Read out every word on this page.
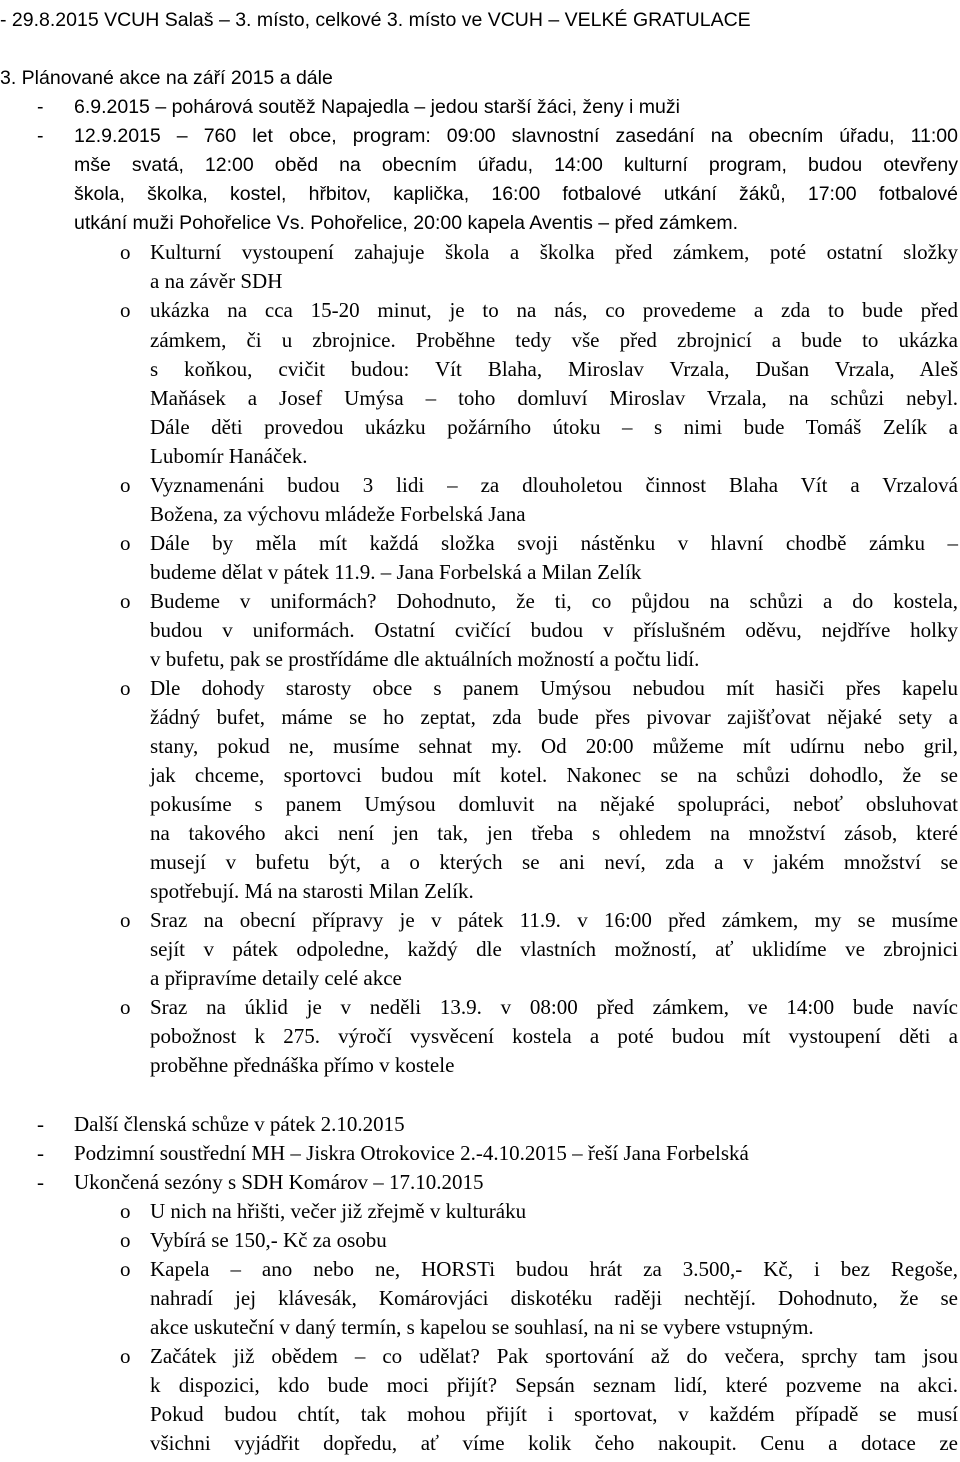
- 29.8.2015 VCUH Salaš – 3. místo, celkové 3. místo ve VCUH – VELKÉ GRATULACE
3. Plánované akce na září 2015 a dále
- 6.9.2015 – pohárová soutěž Napajedla – jedou starší žáci, ženy i muži
- 12.9.2015 – 760 let obce, program: 09:00 slavnostní zasedání na obecním úřadu, 11:00
mše svatá, 12:00 oběd na obecním úřadu, 14:00 kulturní program, budou otevřeny
škola, školka, kostel, hřbitov, kaplička, 16:00 fotbalové utkání žáků, 17:00 fotbalové
utkání muži Pohořelice Vs. Pohořelice, 20:00 kapela Aventis – před zámkem.
o Kulturní vystoupení zahajuje škola a školka před zámkem, poté ostatní složky
a na závěr SDH
o ukázka na cca 15-20 minut, je to na nás, co provedeme a zda to bude před
zámkem, či u zbrojnice. Proběhne tedy vše před zbrojnicí a bude to ukázka
s koňkou, cvičit budou: Vít Blaha, Miroslav Vrzala, Dušan Vrzala, Aleš
Maňásek a Josef Umýsa – toho domluví Miroslav Vrzala, na schůzi nebyl.
Dále děti provedou ukázku požárního útoku – s nimi bude Tomáš Zelík a
Lubomír Hanáček.
o Vyznamenáni budou 3 lidi – za dlouholetou činnost Blaha Vít a Vrzalová
Božena, za výchovu mládeže Forbelská Jana
o Dále by měla mít každá složka svoji nástěnku v hlavní chodbě zámku –
budeme dělat v pátek 11.9. – Jana Forbelská a Milan Zelík
o Budeme v uniformách? Dohodnuto, že ti, co půjdou na schůzi a do kostela,
budou v uniformách. Ostatní cvičící budou v příslušném oděvu, nejdříve holky
v bufetu, pak se prostřídáme dle aktuálních možností a počtu lidí.
o Dle dohody starosty obce s panem Umýsou nebudou mít hasiči přes kapelu
žádný bufet, máme se ho zeptat, zda bude přes pivovar zajišťovat nějaké sety a
stany, pokud ne, musíme sehnat my. Od 20:00 můžeme mít udírnu nebo gril,
jak chceme, sportovci budou mít kotel. Nakonec se na schůzi dohodlo, že se
pokusíme s panem Umýsou domluvit na nějaké spolupráci, neboť obsluhovat
na takového akci není jen tak, jen třeba s ohledem na množství zásob, které
musejí v bufetu být, a o kterých se ani neví, zda a v jakém množství se
spotřebují. Má na starosti Milan Zelík.
o Sraz na obecní přípravy je v pátek 11.9. v 16:00 před zámkem, my se musíme
sejít v pátek odpoledne, každý dle vlastních možností, ať uklidíme ve zbrojnici
a připravíme detaily celé akce
o Sraz na úklid je v neděli 13.9. v 08:00 před zámkem, ve 14:00 bude navíc
pobožnost k 275. výročí vysvěcení kostela a poté budou mít vystoupení děti a
proběhne přednáška přímo v kostele
- Další členská schůze v pátek 2.10.2015
- Podzimní soustřední MH – Jiskra Otrokovice 2.-4.10.2015 – řeší Jana Forbelská
- Ukončená sezóny s SDH Komárov – 17.10.2015
o U nich na hřišti, večer již zřejmě v kulturáku
o Vybírá se 150,- Kč za osobu
o Kapela – ano nebo ne, HORSTi budou hrát za 3.500,- Kč, i bez Regoše,
nahradí jej klávesák, Komárovjáci diskotéku raději nechtějí. Dohodnuto, že se
akce uskuteční v daný termín, s kapelou se souhlasí, na ni se vybere vstupným.
o Začátek již obědem – co udělat? Pak sportování až do večera, sprchy tam jsou
k dispozici, kdo bude moci přijít? Sepsán seznam lidí, které pozveme na akci.
Pokud budou chtít, tak mohou přijít i sportovat, v každém případě se musí
všichni vyjádřit dopředu, ať víme kolik čeho nakoupit. Cenu a dotace ze
